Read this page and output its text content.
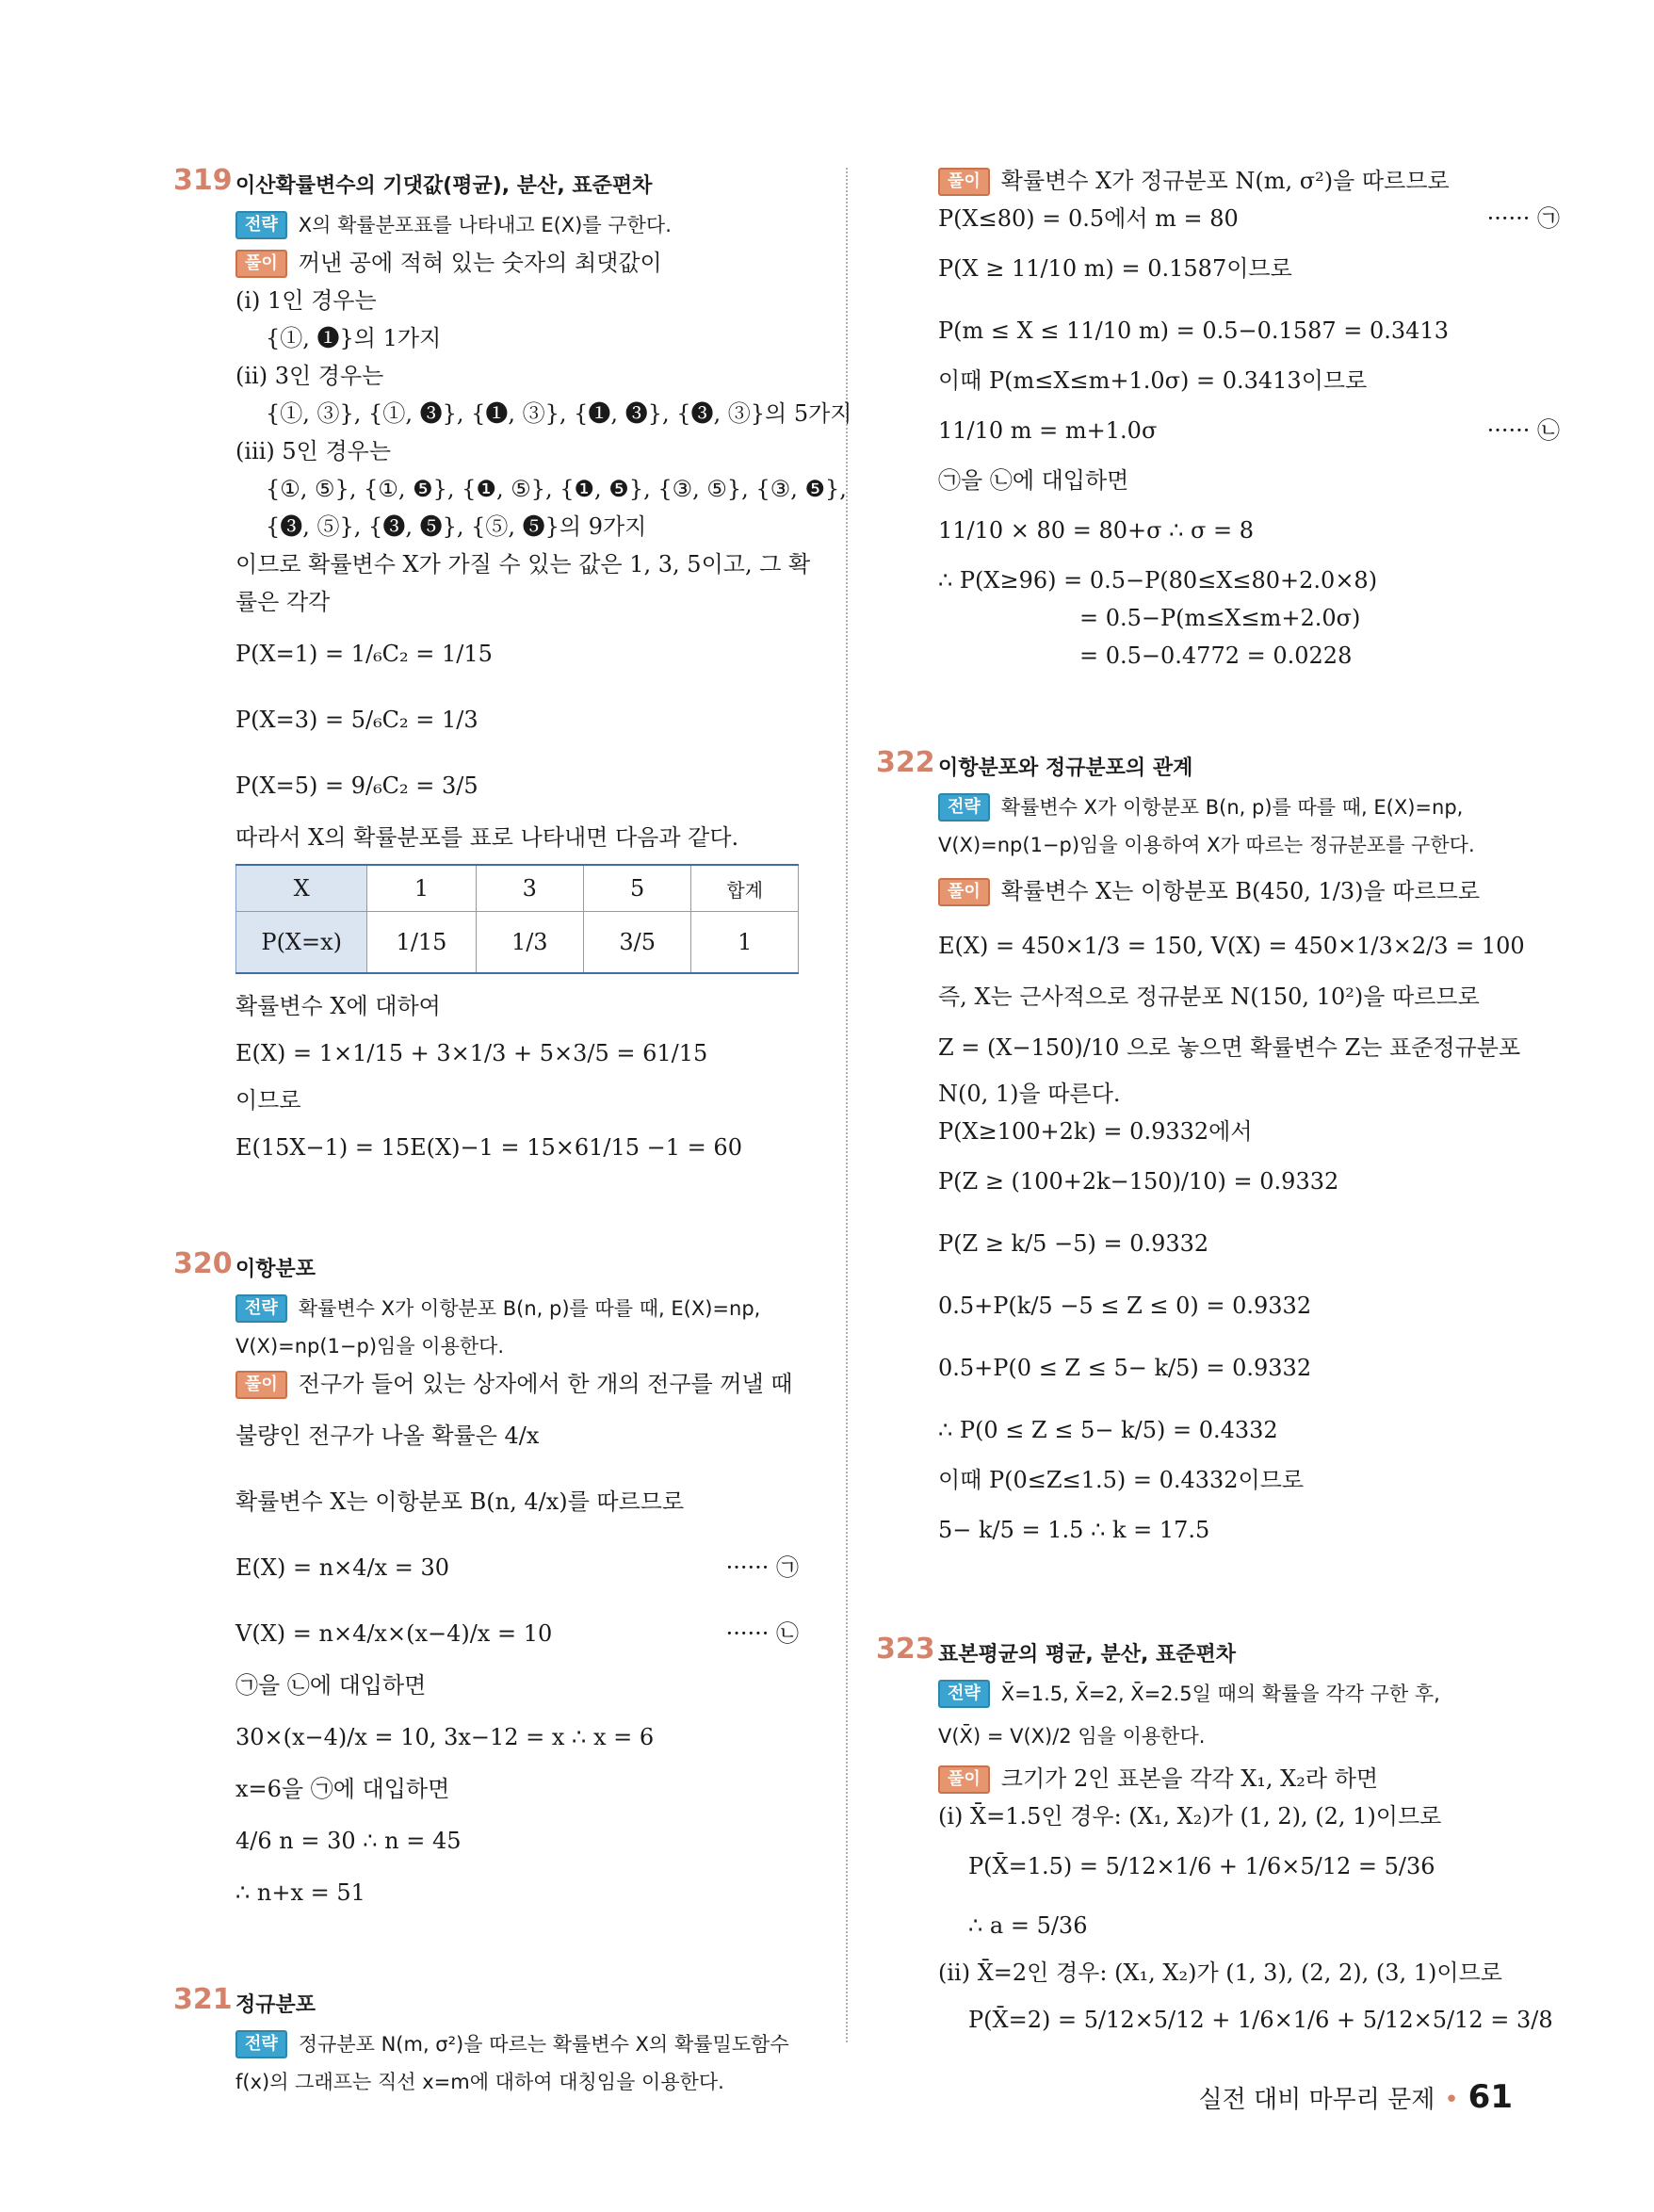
319 이산확률변수의 기댓값(평균), 분산, 표준편차
전략 X의 확률분포표를 나타내고 E(X)를 구한다.
풀이 꺼낸 공에 적혀 있는 숫자의 최댓값이
(i) 1인 경우는
{①, ❶}의 1가지
(ii) 3인 경우는
{①, ③}, {①, ❸}, {❶, ③}, {❶, ❸}, {❸, ③}의 5가지
(iii) 5인 경우는
{①, ⑤}, {①, ❺}, {❶, ⑤}, {❶, ❺}, {③, ⑤}, {③, ❺},
{❸, ⑤}, {❸, ❺}, {⑤, ❺}의 9가지
이므로 확률변수 X가 가질 수 있는 값은 1, 3, 5이고, 그 확
률은 각각
P(X=1) = 1/₆C₂ = 1/15
P(X=3) = 5/₆C₂ = 1/3
P(X=5) = 9/₆C₂ = 3/5
따라서 X의 확률분포를 표로 나타내면 다음과 같다.
X	1	3	5	합계
P(X=x)	1/15	1/3	3/5	1
확률변수 X에 대하여
E(X) = 1×1/15 + 3×1/3 + 5×3/5 = 61/15
이므로
E(15X−1) = 15E(X)−1 = 15×61/15 −1 = 60
320 이항분포
전략 확률변수 X가 이항분포 B(n, p)를 따를 때, E(X)=np,
V(X)=np(1−p)임을 이용한다.
풀이 전구가 들어 있는 상자에서 한 개의 전구를 꺼낼 때
불량인 전구가 나올 확률은 4/x
확률변수 X는 이항분포 B(n, 4/x)를 따르므로
E(X) = n×4/x = 30	······ ㉠
V(X) = n×4/x×(x−4)/x = 10	······ ㉡
㉠을 ㉡에 대입하면
30×(x−4)/x = 10, 3x−12 = x ∴ x = 6
x=6을 ㉠에 대입하면
4/6 n = 30 ∴ n = 45
∴ n+x = 51
321 정규분포
전략 정규분포 N(m, σ²)을 따르는 확률변수 X의 확률밀도함수
f(x)의 그래프는 직선 x=m에 대하여 대칭임을 이용한다.
풀이 확률변수 X가 정규분포 N(m, σ²)을 따르므로
P(X≤80) = 0.5에서 m = 80	······ ㉠
P(X ≥ 11/10 m) = 0.1587이므로
P(m ≤ X ≤ 11/10 m) = 0.5−0.1587 = 0.3413
이때 P(m≤X≤m+1.0σ) = 0.3413이므로
11/10 m = m+1.0σ	······ ㉡
㉠을 ㉡에 대입하면
11/10 × 80 = 80+σ ∴ σ = 8
∴ P(X≥96) = 0.5−P(80≤X≤80+2.0×8)
= 0.5−P(m≤X≤m+2.0σ)
= 0.5−0.4772 = 0.0228
322 이항분포와 정규분포의 관계
전략 확률변수 X가 이항분포 B(n, p)를 따를 때, E(X)=np,
V(X)=np(1−p)임을 이용하여 X가 따르는 정규분포를 구한다.
풀이 확률변수 X는 이항분포 B(450, 1/3)을 따르므로
E(X) = 450×1/3 = 150, V(X) = 450×1/3×2/3 = 100
즉, X는 근사적으로 정규분포 N(150, 10²)을 따르므로
Z = (X−150)/10 으로 놓으면 확률변수 Z는 표준정규분포
N(0, 1)을 따른다.
P(X≥100+2k) = 0.9332에서
P(Z ≥ (100+2k−150)/10) = 0.9332
P(Z ≥ k/5 −5) = 0.9332
0.5+P(k/5 −5 ≤ Z ≤ 0) = 0.9332
0.5+P(0 ≤ Z ≤ 5− k/5) = 0.9332
∴ P(0 ≤ Z ≤ 5− k/5) = 0.4332
이때 P(0≤Z≤1.5) = 0.4332이므로
5− k/5 = 1.5 ∴ k = 17.5
323 표본평균의 평균, 분산, 표준편차
전략 X̄=1.5, X̄=2, X̄=2.5일 때의 확률을 각각 구한 후,
V(X̄) = V(X)/2 임을 이용한다.
풀이 크기가 2인 표본을 각각 X₁, X₂라 하면
(i) X̄=1.5인 경우: (X₁, X₂)가 (1, 2), (2, 1)이므로
P(X̄=1.5) = 5/12×1/6 + 1/6×5/12 = 5/36
∴ a = 5/36
(ii) X̄=2인 경우: (X₁, X₂)가 (1, 3), (2, 2), (3, 1)이므로
P(X̄=2) = 5/12×5/12 + 1/6×1/6 + 5/12×5/12 = 3/8
실전 대비 마무리 문제 • 61
